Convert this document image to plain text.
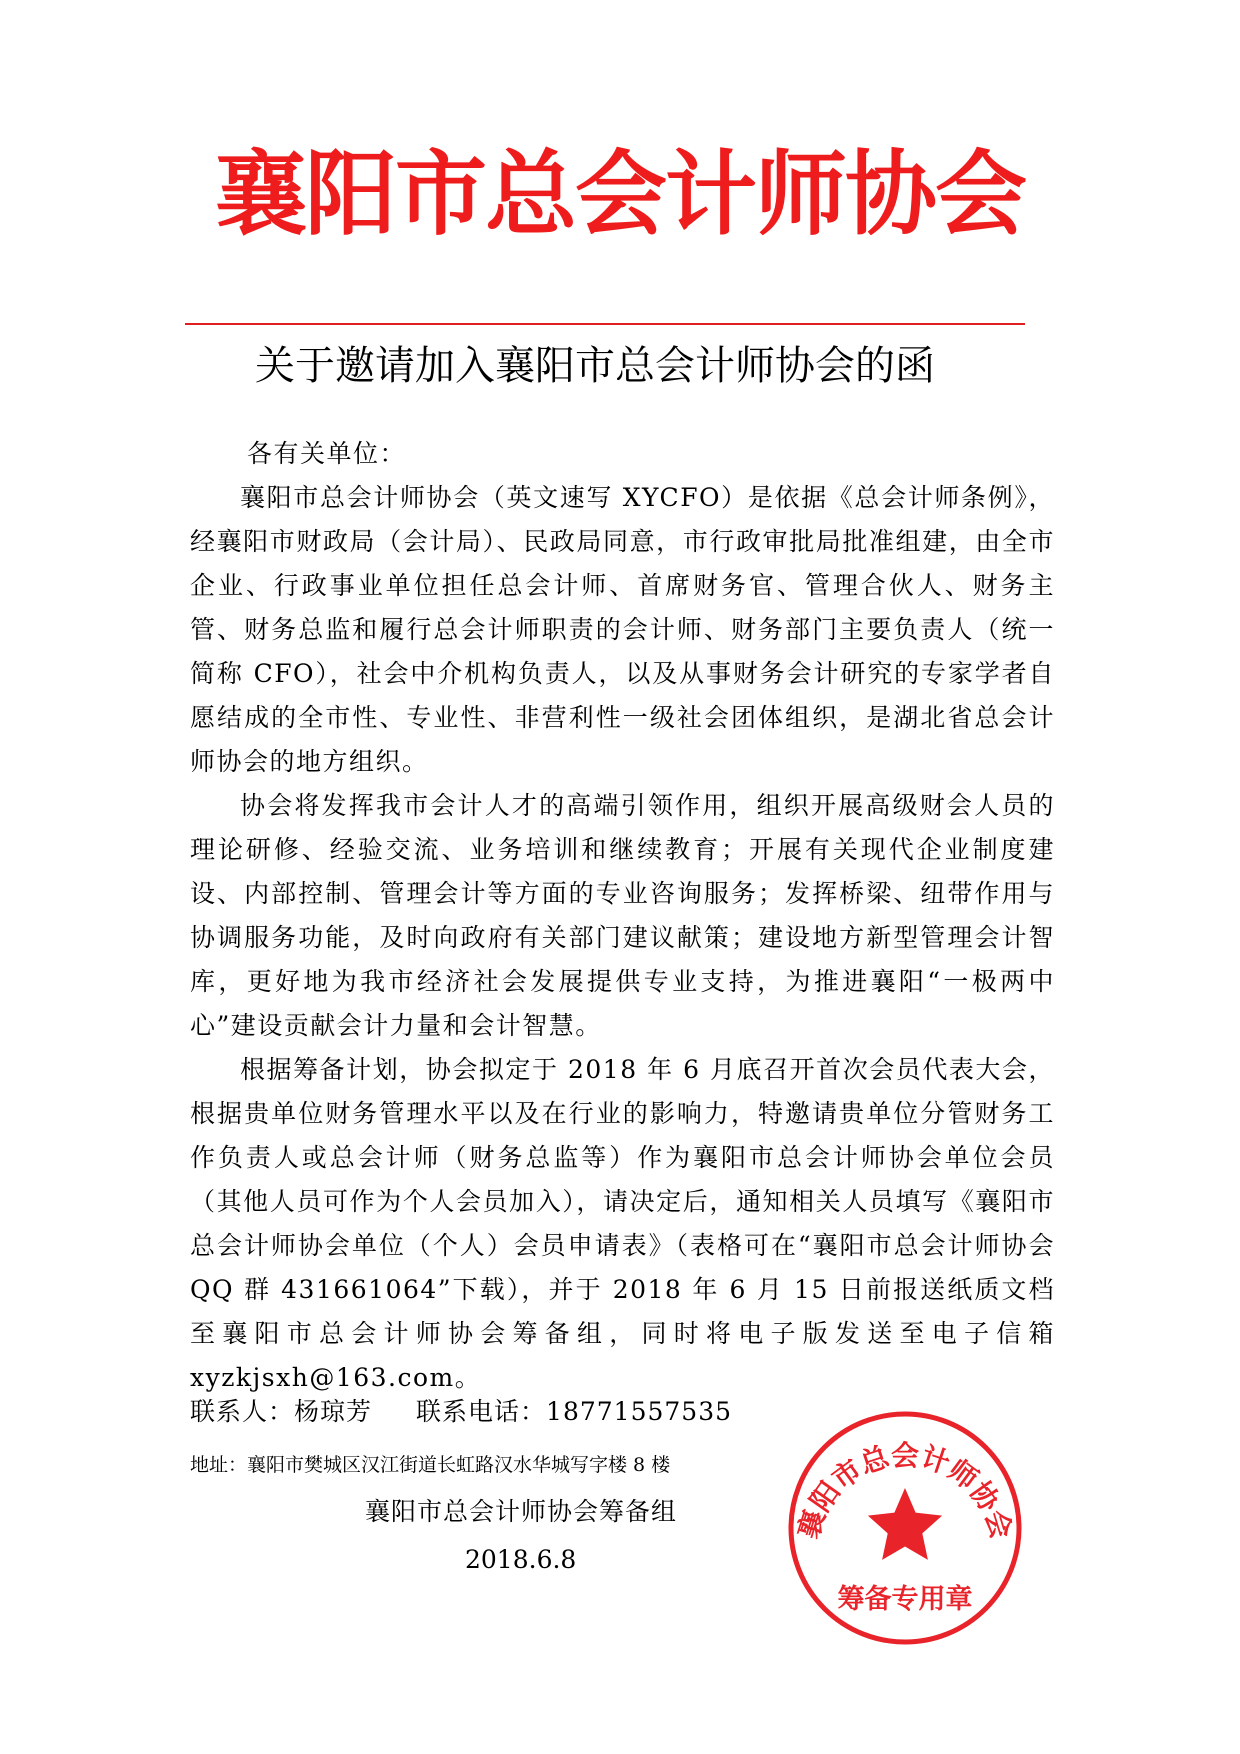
襄阳市总会计师协会
关于邀请加入襄阳市总会计师协会的函

各有关单位：

襄阳市总会计师协会（英文速写 XYCFO）是依据《总会计师条例》，经襄阳市财政局（会计局）、民政局同意，市行政审批局批准组建，由全市企业、行政事业单位担任总会计师、首席财务官、管理合伙人、财务主管、财务总监和履行总会计师职责的会计师、财务部门主要负责人（统一简称 CFO），社会中介机构负责人，以及从事财务会计研究的专家学者自愿结成的全市性、专业性、非营利性一级社会团体组织，是湖北省总会计师协会的地方组织。

协会将发挥我市会计人才的高端引领作用，组织开展高级财会人员的理论研修、经验交流、业务培训和继续教育；开展有关现代企业制度建设、内部控制、管理会计等方面的专业咨询服务；发挥桥梁、纽带作用与协调服务功能，及时向政府有关部门建议献策；建设地方新型管理会计智库，更好地为我市经济社会发展提供专业支持，为推进襄阳“一极两中心”建设贡献会计力量和会计智慧。

根据筹备计划，协会拟定于 2018 年 6 月底召开首次会员代表大会，根据贵单位财务管理水平以及在行业的影响力，特邀请贵单位分管财务工作负责人或总会计师（财务总监等）作为襄阳市总会计师协会单位会员（其他人员可作为个人会员加入），请决定后，通知相关人员填写《襄阳市总会计师协会单位（个人）会员申请表》（表格可在“襄阳市总会计师协会 QQ 群 431661064”下载），并于 2018 年 6 月 15 日前报送纸质文档至襄阳市总会计师协会筹备组，同时将电子版发送至电子信箱 xyzkjsxh@163.com。

联系人：杨琼芳 联系电话：18771557535
地址：襄阳市樊城区汉江街道长虹路汉水华城写字楼 8 楼
襄阳市总会计师协会筹备组
2018.6.8
襄阳市总会计师协会
筹备专用章
